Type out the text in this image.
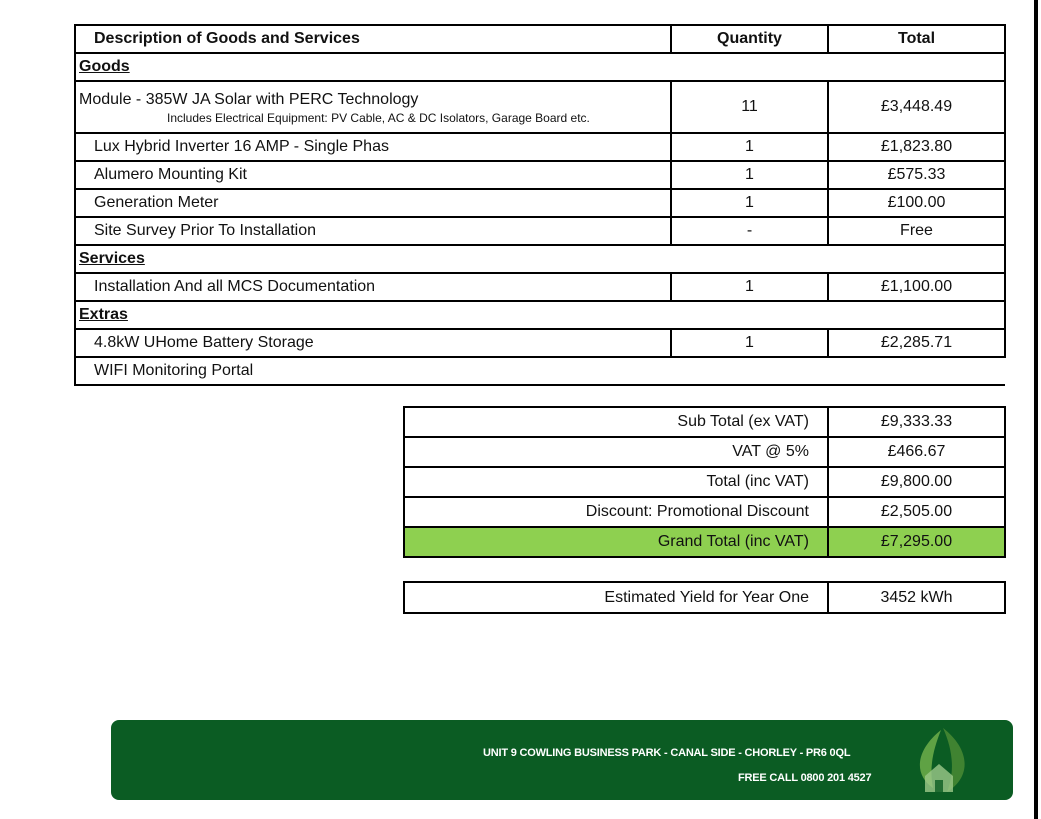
Description of Goods and Services	Quantity	Total
Goods		

Module - 385W JA Solar with PERC Technology
Includes Electrical Equipment: PV Cable, AC & DC Isolators, Garage Board etc.	11	£3,448.49
Lux Hybrid Inverter 16 AMP - Single Phas	1	£1,823.80
Alumero Mounting Kit	1	£575.33
Generation Meter	1	£100.00
Site Survey Prior To Installation	-	Free
Services		
Installation And all MCS Documentation	1	£1,100.00
Extras		
4.8kW UHome Battery Storage	1	£2,285.71
WIFI Monitoring Portal		
Sub Total (ex VAT)	£9,333.33
VAT @ 5%	£466.67
Total (inc VAT)	£9,800.00
Discount: Promotional Discount	£2,505.00
Grand Total (inc VAT)	£7,295.00
Estimated Yield for Year One	3452 kWh
UNIT 9 COWLING BUSINESS PARK - CANAL SIDE - CHORLEY - PR6 0QL
FREE CALL 0800 201 4527
